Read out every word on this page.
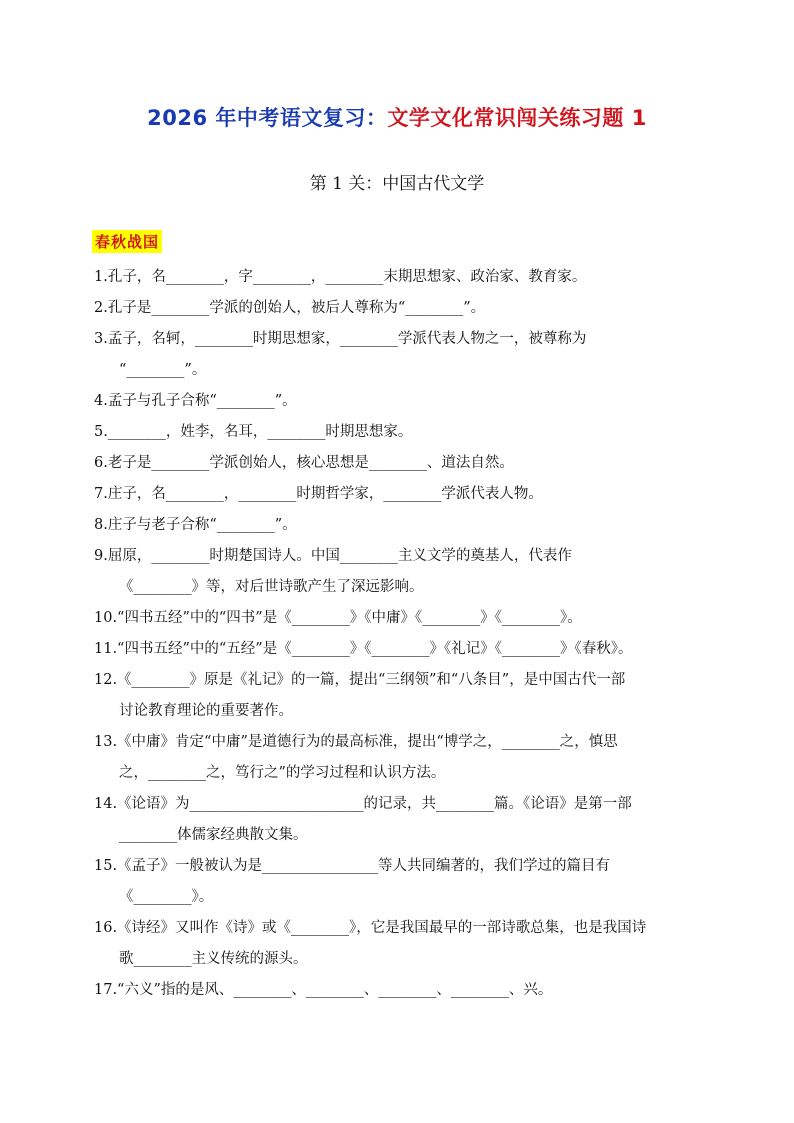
2026 年中考语文复习：文学文化常识闯关练习题 1
第 1 关：中国古代文学
春秋战国
1.孔子，名________，字________，________末期思想家、政治家、教育家。
2.孔子是________学派的创始人，被后人尊称为“________”。
3.孟子，名轲，________时期思想家，________学派代表人物之一，被尊称为
“________”。
4.孟子与孔子合称“________”。
5.________，姓李，名耳，________时期思想家。
6.老子是________学派创始人，核心思想是________、道法自然。
7.庄子，名________，________时期哲学家，________学派代表人物。
8.庄子与老子合称“________”。
9.屈原，________时期楚国诗人。中国________主义文学的奠基人，代表作
《________》等，对后世诗歌产生了深远影响。
10.“四书五经”中的“四书”是《________》《中庸》《________》《________》。
11.“四书五经”中的“五经”是《________》《________》《礼记》《________》《春秋》。
12.《________》原是《礼记》的一篇，提出“三纲领”和“八条目”，是中国古代一部
讨论教育理论的重要著作。
13.《中庸》肯定“中庸”是道德行为的最高标准，提出“博学之，________之，慎思
之，________之，笃行之”的学习过程和认识方法。
14.《论语》为________________________的记录，共________篇。《论语》是第一部
________体儒家经典散文集。
15.《孟子》一般被认为是________________等人共同编著的，我们学过的篇目有
《________》。
16.《诗经》又叫作《诗》或《________》，它是我国最早的一部诗歌总集，也是我国诗
歌________主义传统的源头。
17.“六义”指的是风、________、________、________、________、兴。
